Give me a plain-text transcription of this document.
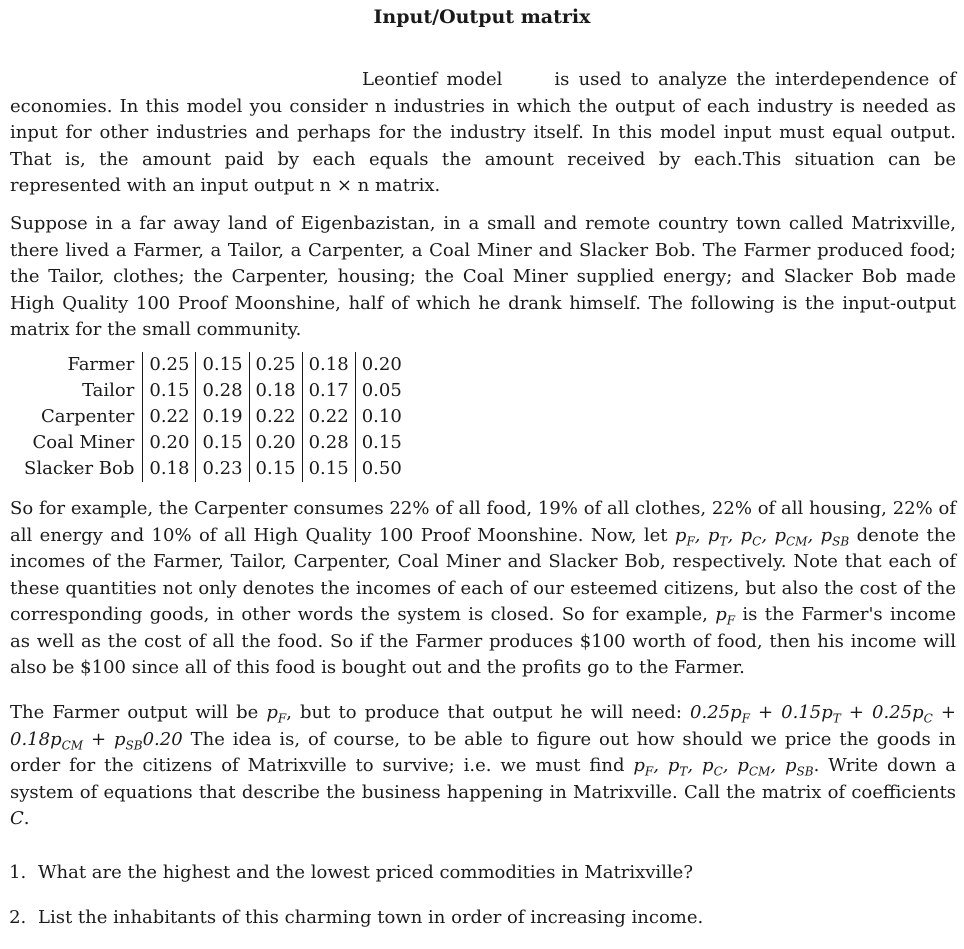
Input/Output matrix

Leontief model	is used to analyze the interdependence of economies. In this model you consider n industries in which the output of each industry is needed as input for other industries and perhaps for the industry itself. In this model input must equal output. That is, the amount paid by each equals the amount received by each.This situation can be represented with an input output n × n matrix.

Suppose in a far away land of Eigenbazistan, in a small and remote country town called Matrixville, there lived a Farmer, a Tailor, a Carpenter, a Coal Miner and Slacker Bob. The Farmer produced food; the Tailor, clothes; the Carpenter, housing; the Coal Miner supplied energy; and Slacker Bob made High Quality 100 Proof Moonshine, half of which he drank himself. The following is the input-output matrix for the small community.

Farmer	0.25	0.15	0.25	0.18	0.20
Tailor	0.15	0.28	0.18	0.17	0.05
Carpenter	0.22	0.19	0.22	0.22	0.10
Coal Miner	0.20	0.15	0.20	0.28	0.15
Slacker Bob	0.18	0.23	0.15	0.15	0.50

So for example, the Carpenter consumes 22% of all food, 19% of all clothes, 22% of all housing, 22% of all energy and 10% of all High Quality 100 Proof Moonshine. Now, let $p_F$, $p_T$, $p_C$, $p_{CM}$, $p_{SB}$ denote the incomes of the Farmer, Tailor, Carpenter, Coal Miner and Slacker Bob, respectively. Note that each of these quantities not only denotes the incomes of each of our esteemed citizens, but also the cost of the corresponding goods, in other words the system is closed. So for example, $p_F$ is the Farmer's income as well as the cost of all the food. So if the Farmer produces $100 worth of food, then his income will also be $100 since all of this food is bought out and the profits go to the Farmer.

The Farmer output will be $p_F$, but to produce that output he will need: $0.25p_F + 0.15p_T + 0.25p_C + 0.18p_{CM} + p_{SB}0.20$ The idea is, of course, to be able to figure out how should we price the goods in order for the citizens of Matrixville to survive; i.e. we must find $p_F$, $p_T$, $p_C$, $p_{CM}$, $p_{SB}$. Write down a system of equations that describe the business happening in Matrixville. Call the matrix of coefficients C.

1. What are the highest and the lowest priced commodities in Matrixville?
2. List the inhabitants of this charming town in order of increasing income.
